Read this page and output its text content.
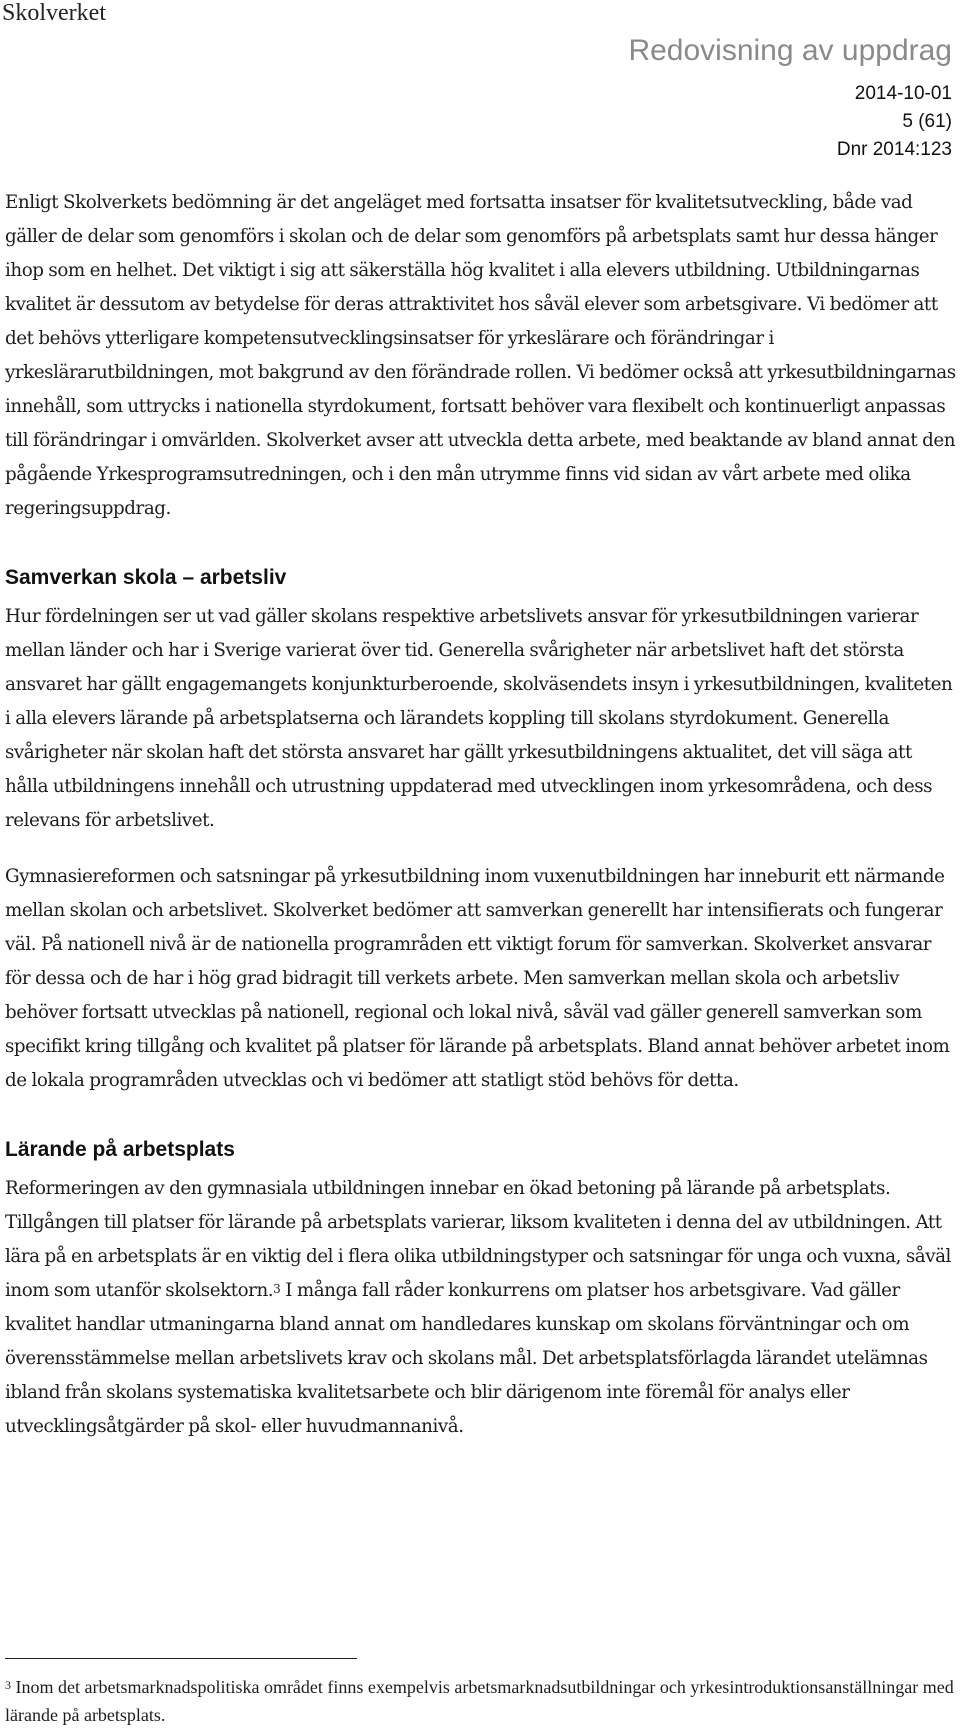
Skolverket
Redovisning av uppdrag
2014-10-01
5 (61)
Dnr 2014:123

Enligt Skolverkets bedömning är det angeläget med fortsatta insatser för kvalitetsutveckling, både vad gäller de delar som genomförs i skolan och de delar som genomförs på arbetsplats samt hur dessa hänger ihop som en helhet. Det viktigt i sig att säkerställa hög kvalitet i alla elevers utbildning. Utbildningarnas kvalitet är dessutom av betydelse för deras attraktivitet hos såväl elever som arbetsgivare. Vi bedömer att det behövs ytterligare kompetensutvecklingsinsatser för yrkeslärare och förändringar i yrkeslärarutbildningen, mot bakgrund av den förändrade rollen. Vi bedömer också att yrkesutbildningarnas innehåll, som uttrycks i nationella styrdokument, fortsatt behöver vara flexibelt och kontinuerligt anpassas till förändringar i omvärlden. Skolverket avser att utveckla detta arbete, med beaktande av bland annat den pågående Yrkesprogramsutredningen, och i den mån utrymme finns vid sidan av vårt arbete med olika regeringsuppdrag.

Samverkan skola – arbetsliv

Hur fördelningen ser ut vad gäller skolans respektive arbetslivets ansvar för yrkesutbildningen varierar mellan länder och har i Sverige varierat över tid. Generella svårigheter när arbetslivet haft det största ansvaret har gällt engagemangets konjunkturberoende, skolväsendets insyn i yrkesutbildningen, kvaliteten i alla elevers lärande på arbetsplatserna och lärandets koppling till skolans styrdokument. Generella svårigheter när skolan haft det största ansvaret har gällt yrkesutbildningens aktualitet, det vill säga att hålla utbildningens innehåll och utrustning uppdaterad med utvecklingen inom yrkesområdena, och dess relevans för arbetslivet.

Gymnasiereformen och satsningar på yrkesutbildning inom vuxenutbildningen har inneburit ett närmande mellan skolan och arbetslivet. Skolverket bedömer att samverkan generellt har intensifierats och fungerar väl. På nationell nivå är de nationella programråden ett viktigt forum för samverkan. Skolverket ansvarar för dessa och de har i hög grad bidragit till verkets arbete. Men samverkan mellan skola och arbetsliv behöver fortsatt utvecklas på nationell, regional och lokal nivå, såväl vad gäller generell samverkan som specifikt kring tillgång och kvalitet på platser för lärande på arbetsplats. Bland annat behöver arbetet inom de lokala programråden utvecklas och vi bedömer att statligt stöd behövs för detta.

Lärande på arbetsplats

Reformeringen av den gymnasiala utbildningen innebar en ökad betoning på lärande på arbetsplats. Tillgången till platser för lärande på arbetsplats varierar, liksom kvaliteten i denna del av utbildningen. Att lära på en arbetsplats är en viktig del i flera olika utbildningstyper och satsningar för unga och vuxna, såväl inom som utanför skolsektorn.$^3$ I många fall råder konkurrens om platser hos arbetsgivare. Vad gäller kvalitet handlar utmaningarna bland annat om handledares kunskap om skolans förväntningar och om överensstämmelse mellan arbetslivets krav och skolans mål. Det arbetsplatsförlagda lärandet utelämnas ibland från skolans systematiska kvalitetsarbete och blir därigenom inte föremål för analys eller utvecklingsåtgärder på skol- eller huvudmannanivå.

$^3$ Inom det arbetsmarknadspolitiska området finns exempelvis arbetsmarknadsutbildningar och yrkesintroduktionsanställningar med lärande på arbetsplats.
